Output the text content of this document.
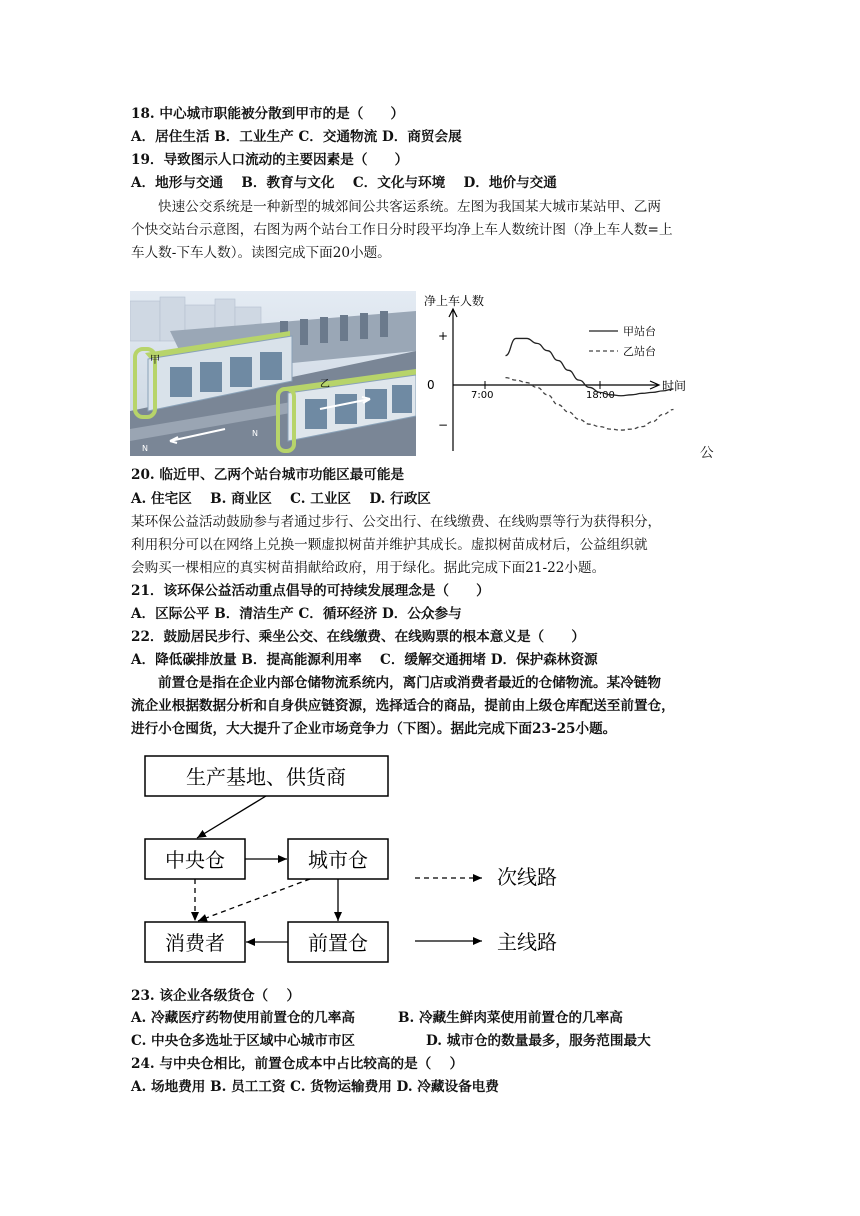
18. 中心城市职能被分散到甲市的是（　　）
A．居住生活 B．工业生产 C．交通物流 D．商贸会展
19．导致图示人口流动的主要因素是（　　）
A．地形与交通　 B．教育与文化　 C．文化与环境　 D．地价与交通
快速公交系统是一种新型的城郊间公共客运系统。左图为我国某大城市某站甲、乙两
个快交站台示意图，右图为两个站台工作日分时段平均净上车人数统计图（净上车人数=上
车人数-下车人数）。读图完成下面20小题。
甲
乙
N
N
净上车人数
时间
+
0
−
7:00	18:00
甲站台
乙站台
公
20. 临近甲、乙两个站台城市功能区最可能是
A. 住宅区　 B. 商业区　 C. 工业区　 D. 行政区
某环保公益活动鼓励参与者通过步行、公交出行、在线缴费、在线购票等行为获得积分，
利用积分可以在网络上兑换一颗虚拟树苗并维护其成长。虚拟树苗成材后，公益组织就
会购买一棵相应的真实树苗捐献给政府，用于绿化。据此完成下面21-22小题。
21．该环保公益活动重点倡导的可持续发展理念是（　　）
A．区际公平 B．清洁生产 C．循环经济 D．公众参与
22．鼓励居民步行、乘坐公交、在线缴费、在线购票的根本意义是（　　）
A．降低碳排放量 B．提高能源利用率　 C．缓解交通拥堵 D．保护森林资源
前置仓是指在企业内部仓储物流系统内，离门店或消费者最近的仓储物流。某冷链物
流企业根据数据分析和自身供应链资源，选择适合的商品，提前由上级仓库配送至前置仓，
进行小仓囤货，大大提升了企业市场竞争力（下图）。据此完成下面23-25小题。
生产基地、供货商
中央仓	城市仓
消费者	前置仓
次线路
主线路
23. 该企业各级货仓（　 ）
A. 冷藏医疗药物使用前置仓的几率高	B. 冷藏生鲜肉菜使用前置仓的几率高
C. 中央仓多选址于区域中心城市市区	D. 城市仓的数量最多，服务范围最大
24. 与中央仓相比，前置仓成本中占比较高的是（　 ）
A. 场地费用 B. 员工工资 C. 货物运输费用 D. 冷藏设备电费
